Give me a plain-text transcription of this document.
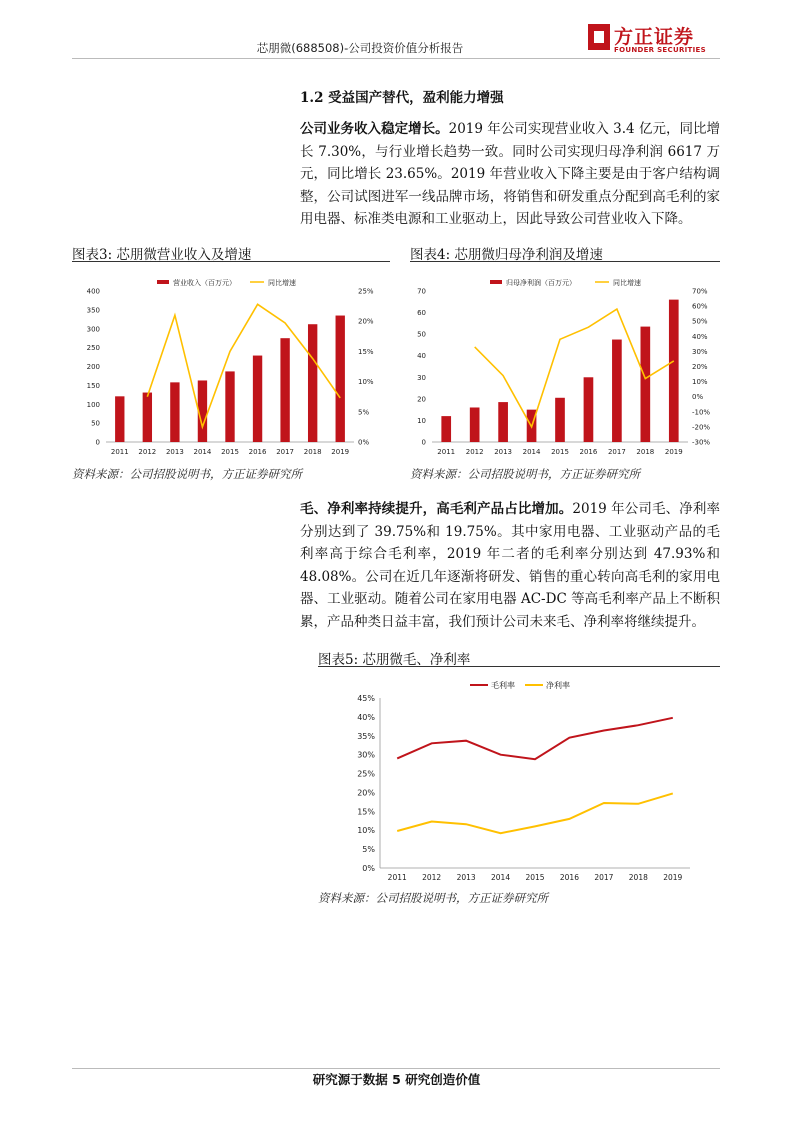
芯朋微(688508)-公司投资价值分析报告	方正证券
FOUNDER SECURITIES
1.2 受益国产替代，盈利能力增强

公司业务收入稳定增长。2019 年公司实现营业收入 3.4 亿元，同比增长 7.30%，与行业增长趋势一致。同时公司实现归母净利润 6617 万元，同比增长 23.65%。2019 年营业收入下降主要是由于客户结构调整，公司试图进军一线品牌市场，将销售和研发重点分配到高毛利的家用电器、标准类电源和工业驱动上，因此导致公司营业收入下降。

图表3: 芯朋微营业收入及增速
营业收入（百万元）	同比增速
0
50
100
150
200
250
300
350
400
0%
5%
10%
15%
20%
25%
2011 2012 2013 2014 2015 2016 2017 2018 2019
资料来源：公司招股说明书，方正证券研究所
图表4: 芯朋微归母净利润及增速
归母净利润（百万元）	同比增速
0
10
20
30
40
50
60
70
-30%
-20%
-10%
0%
10%
20%
30%
40%
50%
60%
70%
2011 2012 2013 2014 2015 2016 2017 2018 2019
资料来源：公司招股说明书，方正证券研究所

毛、净利率持续提升，高毛利产品占比增加。2019 年公司毛、净利率分别达到了 39.75%和 19.75%。其中家用电器、工业驱动产品的毛利率高于综合毛利率，2019 年二者的毛利率分别达到 47.93%和 48.08%。公司在近几年逐渐将研发、销售的重心转向高毛利的家用电器、工业驱动。随着公司在家用电器 AC-DC 等高毛利率产品上不断积累，产品种类日益丰富，我们预计公司未来毛、净利率将继续提升。

图表5: 芯朋微毛、净利率
0%
5%
10%
15%
20%
25%
30%
35%
40%
45%
2011 2012 2013 2014 2015 2016 2017 2018 2019
毛利率	净利率
资料来源：公司招股说明书，方正证券研究所
研究源于数据 5 研究创造价值
